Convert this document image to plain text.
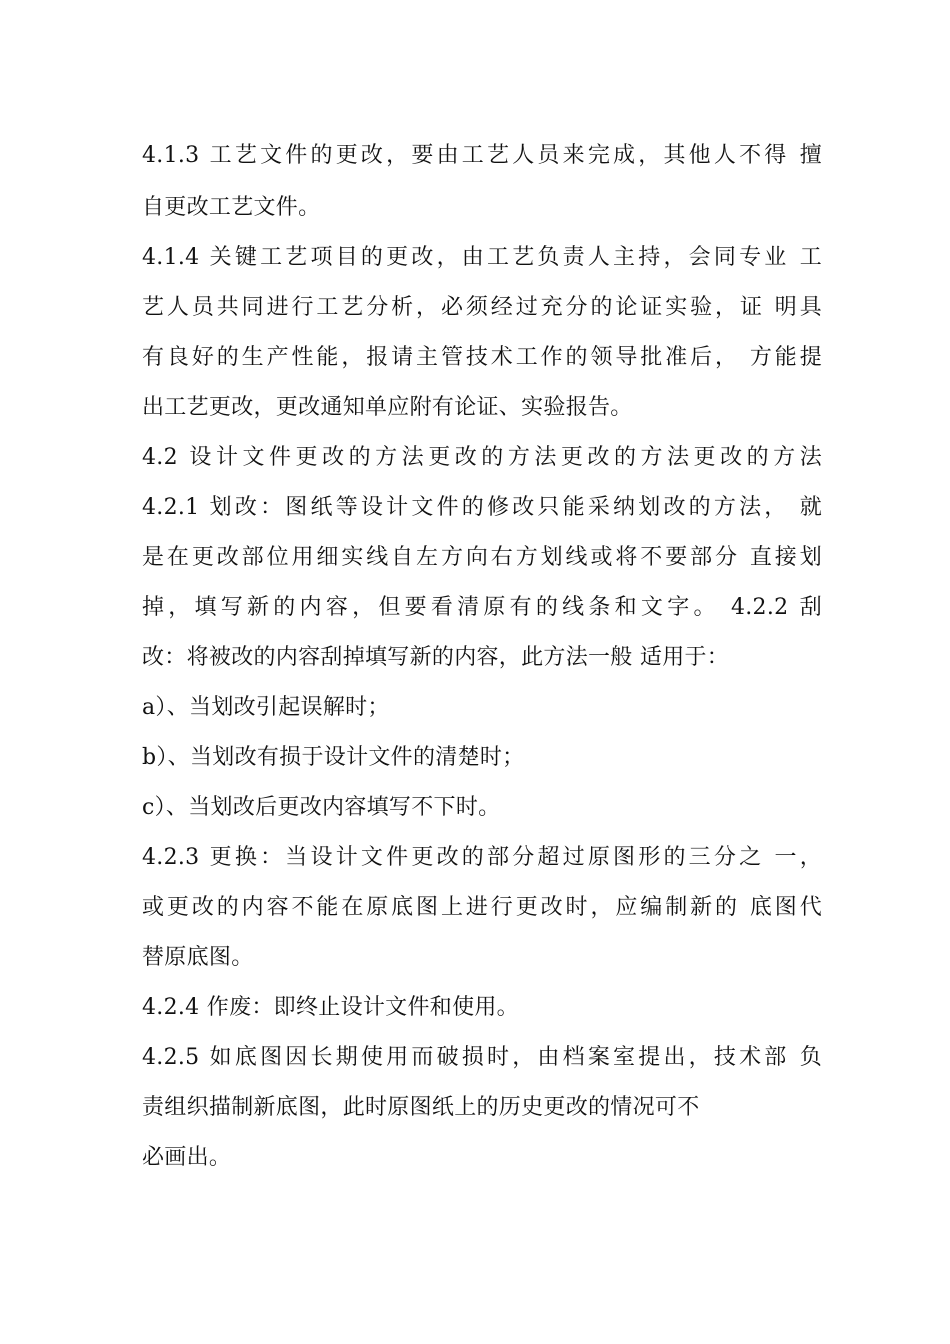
4.1.3 工艺文件的更改，要由工艺人员来完成，其他人不得 擅
自更改工艺文件。
4.1.4 关键工艺项目的更改，由工艺负责人主持，会同专业 工
艺人员共同进行工艺分析，必须经过充分的论证实验，证 明具
有良好的生产性能，报请主管技术工作的领导批准后， 方能提
出工艺更改，更改通知单应附有论证、实验报告。
4.2 设计文件更改的方法更改的方法更改的方法更改的方法
4.2.1 划改：图纸等设计文件的修改只能采纳划改的方法， 就
是在更改部位用细实线自左方向右方划线或将不要部分 直接划
掉，填写新的内容，但要看清原有的线条和文字。 4.2.2 刮
改：将被改的内容刮掉填写新的内容，此方法一般 适用于：
a）、当划改引起误解时；
b）、当划改有损于设计文件的清楚时；
c）、当划改后更改内容填写不下时。
4.2.3 更换：当设计文件更改的部分超过原图形的三分之 一，
或更改的内容不能在原底图上进行更改时，应编制新的 底图代
替原底图。
4.2.4 作废：即终止设计文件和使用。
4.2.5 如底图因长期使用而破损时，由档案室提出，技术部 负
责组织描制新底图，此时原图纸上的历史更改的情况可不
必画出。
